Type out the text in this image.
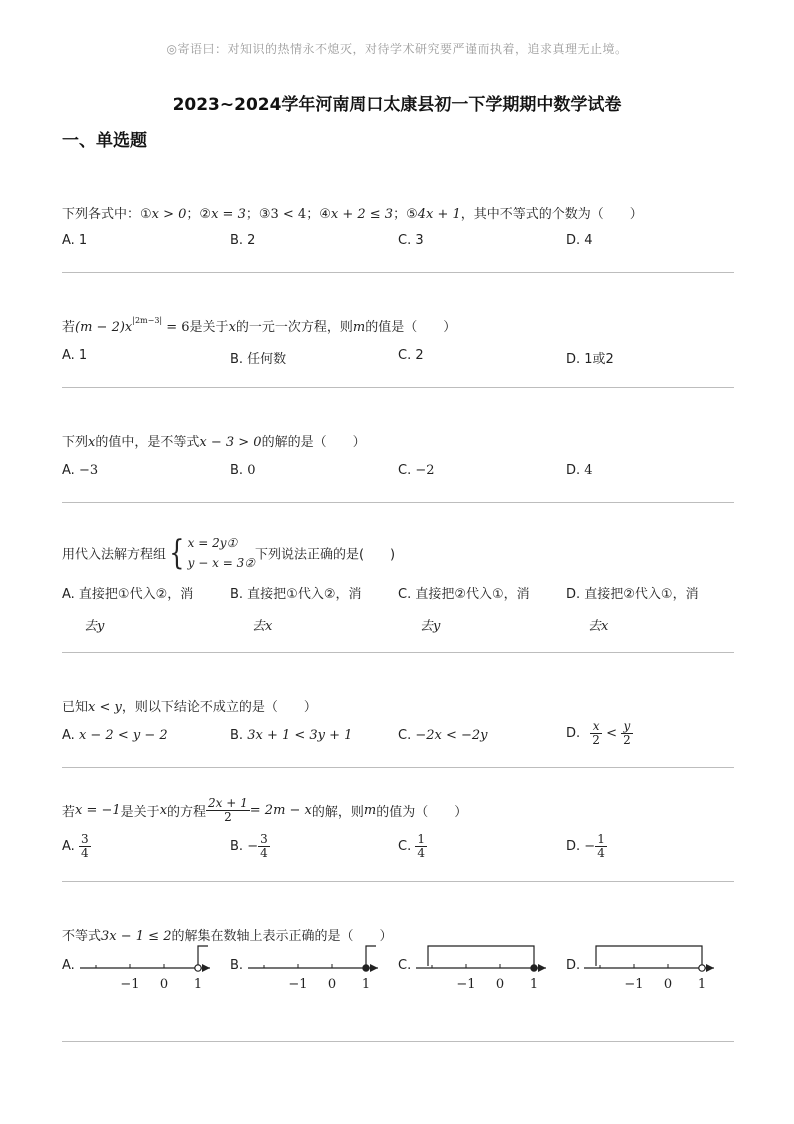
◎寄语曰：对知识的热情永不熄灭，对待学术研究要严谨而执着，追求真理无止境。
2023~2024学年河南周口太康县初一下学期期中数学试卷
一、单选题
下列各式中：①x > 0；②x = 3；③3 < 4；④x + 2 ≤ 3；⑤4x + 1，其中不等式的个数为（　　）
A. 1	B. 2	C. 3	D. 4
若$(m - 2)x^{|2m-3|} = 6$是关于x的一元一次方程，则m的值是（　　）
A. 1	B. 任何数	C. 2	D. 1或2
下列x的值中，是不等式x − 3 > 0的解的是（　　）
A. −3	B. 0	C. −2	D. 4
用代入法解方程组{ x = 2y①
y − x = 3②
下列说法正确的是(　　)
A. 直接把①代入②，消
去y
B. 直接把①代入②，消
去x
C. 直接把②代入①，消
去y
D. 直接把②代入①，消
去x
已知x < y，则以下结论不成立的是（　　）
A. x − 2 < y − 2	B. 3x + 1 < 3y + 1	C. −2x < −2y	D. $\frac{x}{2} < \frac{y}{2}$
若x = −1是关于x的方程 $\frac{2x + 1}{2} = 2m - x$的解，则m的值为（　　）
A. $\frac{3}{4}$	B. − $\frac{3}{4}$	C. $\frac{1}{4}$	D. − $\frac{1}{4}$
不等式3x − 1 ≤ 2的解集在数轴上表示正确的是（　　）
A.	B.	C.	D.
−1 0 1	−1 0 1	−1 0 1	−1 0 1
